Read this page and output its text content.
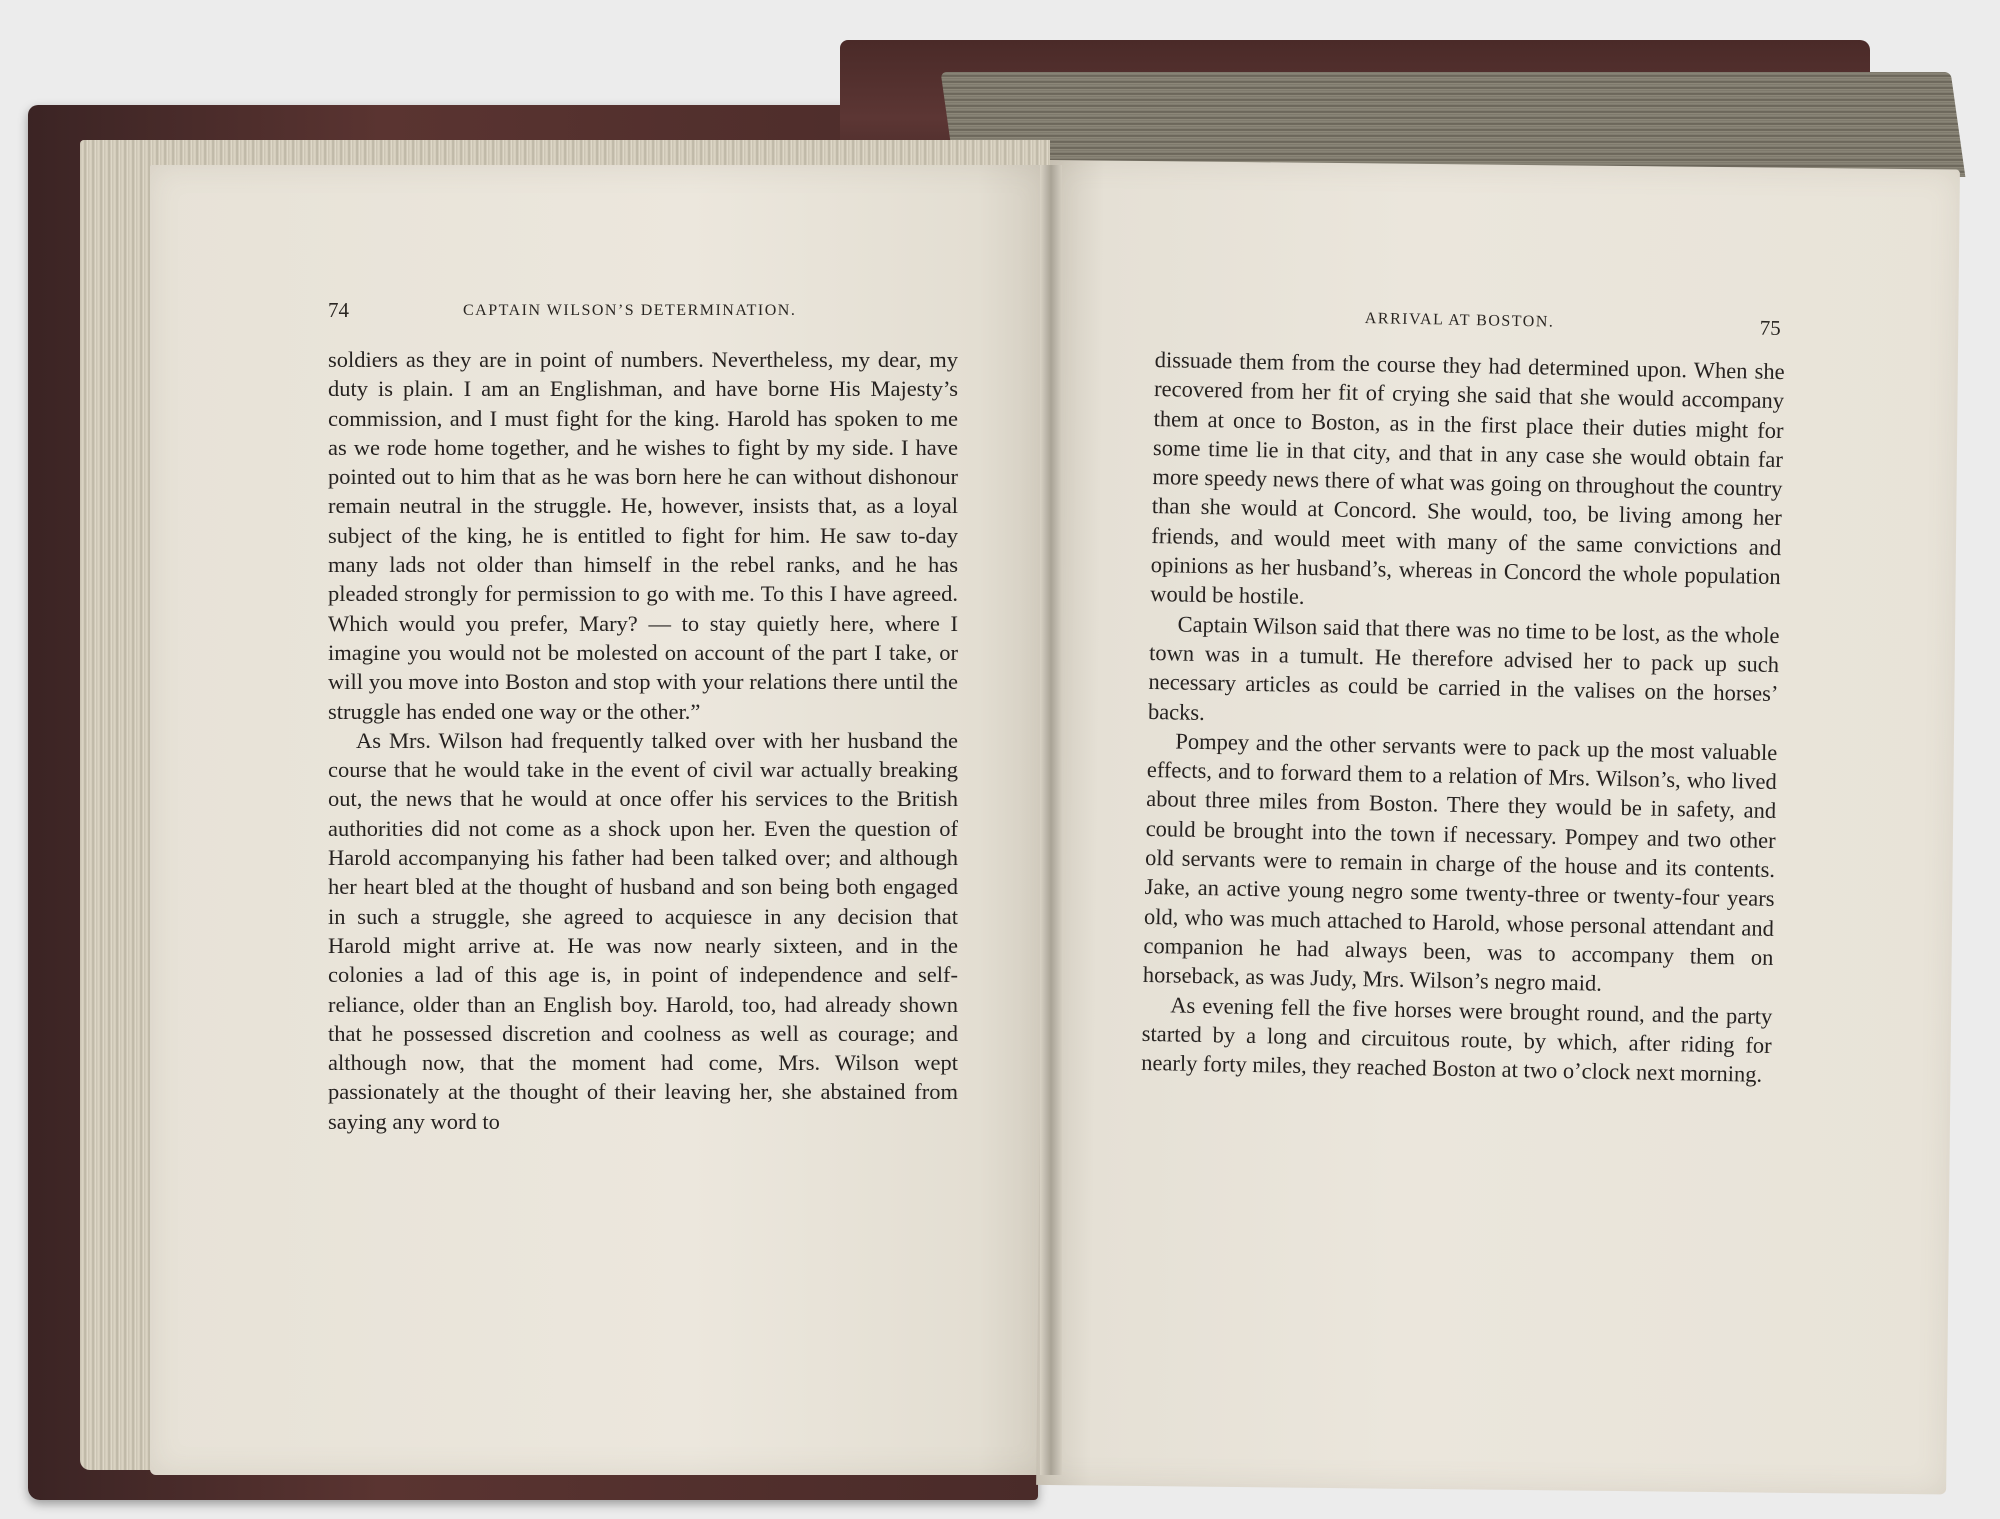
74	CAPTAIN WILSON’S DETERMINATION.

soldiers as they are in point of numbers. Nevertheless, my dear, my duty is plain. I am an Englishman, and have borne His Majesty’s commission, and I must fight for the king. Harold has spoken to me as we rode home together, and he wishes to fight by my side. I have pointed out to him that as he was born here he can without dishonour remain neutral in the struggle. He, however, insists that, as a loyal subject of the king, he is entitled to fight for him. He saw to-day many lads not older than himself in the rebel ranks, and he has pleaded strongly for permission to go with me. To this I have agreed. Which would you prefer, Mary? — to stay quietly here, where I imagine you would not be molested on account of the part I take, or will you move into Boston and stop with your relations there until the struggle has ended one way or the other.”

As Mrs. Wilson had frequently talked over with her husband the course that he would take in the event of civil war actually breaking out, the news that he would at once offer his services to the British authorities did not come as a shock upon her. Even the question of Harold accompanying his father had been talked over; and although her heart bled at the thought of husband and son being both engaged in such a struggle, she agreed to acquiesce in any decision that Harold might arrive at. He was now nearly sixteen, and in the colonies a lad of this age is, in point of independence and self-reliance, older than an English boy. Harold, too, had already shown that he possessed discretion and coolness as well as courage; and although now, that the moment had come, Mrs. Wilson wept passionately at the thought of their leaving her, she abstained from saying any word to

ARRIVAL AT BOSTON.	75

dissuade them from the course they had determined upon. When she recovered from her fit of crying she said that she would accompany them at once to Boston, as in the first place their duties might for some time lie in that city, and that in any case she would obtain far more speedy news there of what was going on throughout the country than she would at Concord. She would, too, be living among her friends, and would meet with many of the same convictions and opinions as her husband’s, whereas in Concord the whole population would be hostile.

Captain Wilson said that there was no time to be lost, as the whole town was in a tumult. He therefore advised her to pack up such necessary articles as could be carried in the valises on the horses’ backs.

Pompey and the other servants were to pack up the most valuable effects, and to forward them to a relation of Mrs. Wilson’s, who lived about three miles from Boston. There they would be in safety, and could be brought into the town if necessary. Pompey and two other old servants were to remain in charge of the house and its contents. Jake, an active young negro some twenty-three or twenty-four years old, who was much attached to Harold, whose personal attendant and companion he had always been, was to accompany them on horseback, as was Judy, Mrs. Wilson’s negro maid.

As evening fell the five horses were brought round, and the party started by a long and circuitous route, by which, after riding for nearly forty miles, they reached Boston at two o’clock next morning.
